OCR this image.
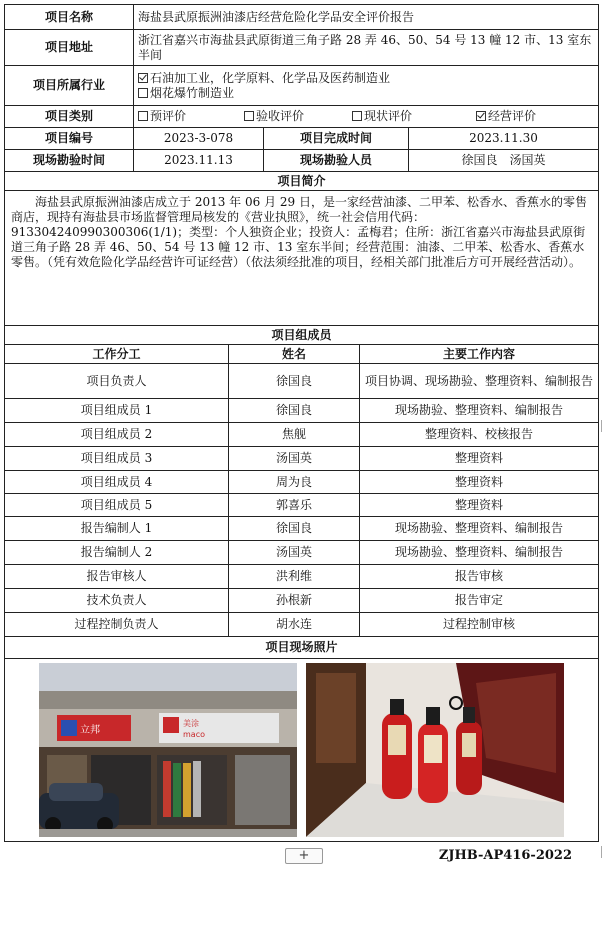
项目名称	海盐县武原振洲油漆店经营危险化学品安全评价报告				
项目地址	浙江省嘉兴市海盐县武原街道三角子路 28 弄 46、50、54 号 13 幢 12 市、13 室东半间				
项目所属行业	石油加工业，化学原料、化学品及医药制造业
烟花爆竹制造业				

项目类别	预评价 验收评价 现状评价 经营评价				

项目编号	2023-3-078		项目完成时间		2023.11.30
现场勘验时间	2023.11.13		现场勘验人员		徐国良　汤国英
项目简介					
海盐县武原振洲油漆店成立于 2013 年 06 月 29 日，是一家经营油漆、二甲苯、松香水、香蕉水的零售商店，现持有海盐县市场监督管理局核发的《营业执照》，统一社会信用代码：913304240990300306(1/1)；类型：个人独资企业；投资人：孟梅君；住所：浙江省嘉兴市海盐县武原街道三角子路 28 弄 46、50、54 号 13 幢 12 市、13 室东半间；经营范围：油漆、二甲苯、松香水、香蕉水零售。（凭有效危险化学品经营许可证经营）（依法须经批准的项目，经相关部门批准后方可开展经营活动）。					
项目组成员					
工作分工		姓名		主要工作内容	
项目负责人		徐国良		项目协调、现场勘验、整理资料、编制报告	
项目组成员 1		徐国良		现场勘验、整理资料、编制报告	
项目组成员 2		焦舰		整理资料、校核报告	
项目组成员 3		汤国英		整理资料	
项目组成员 4		周为良		整理资料	
项目组成员 5		郭喜乐		整理资料	
报告编制人 1		徐国良		现场勘验、整理资料、编制报告	
报告编制人 2		汤国英		现场勘验、整理资料、编制报告	
报告审核人		洪利维		报告审核	
技术负责人		孙根新		报告审定	
过程控制负责人		胡水连		过程控制审核	
项目现场照片					

立邦
美涂
maco					
+	ZJHB-AP416-2022
